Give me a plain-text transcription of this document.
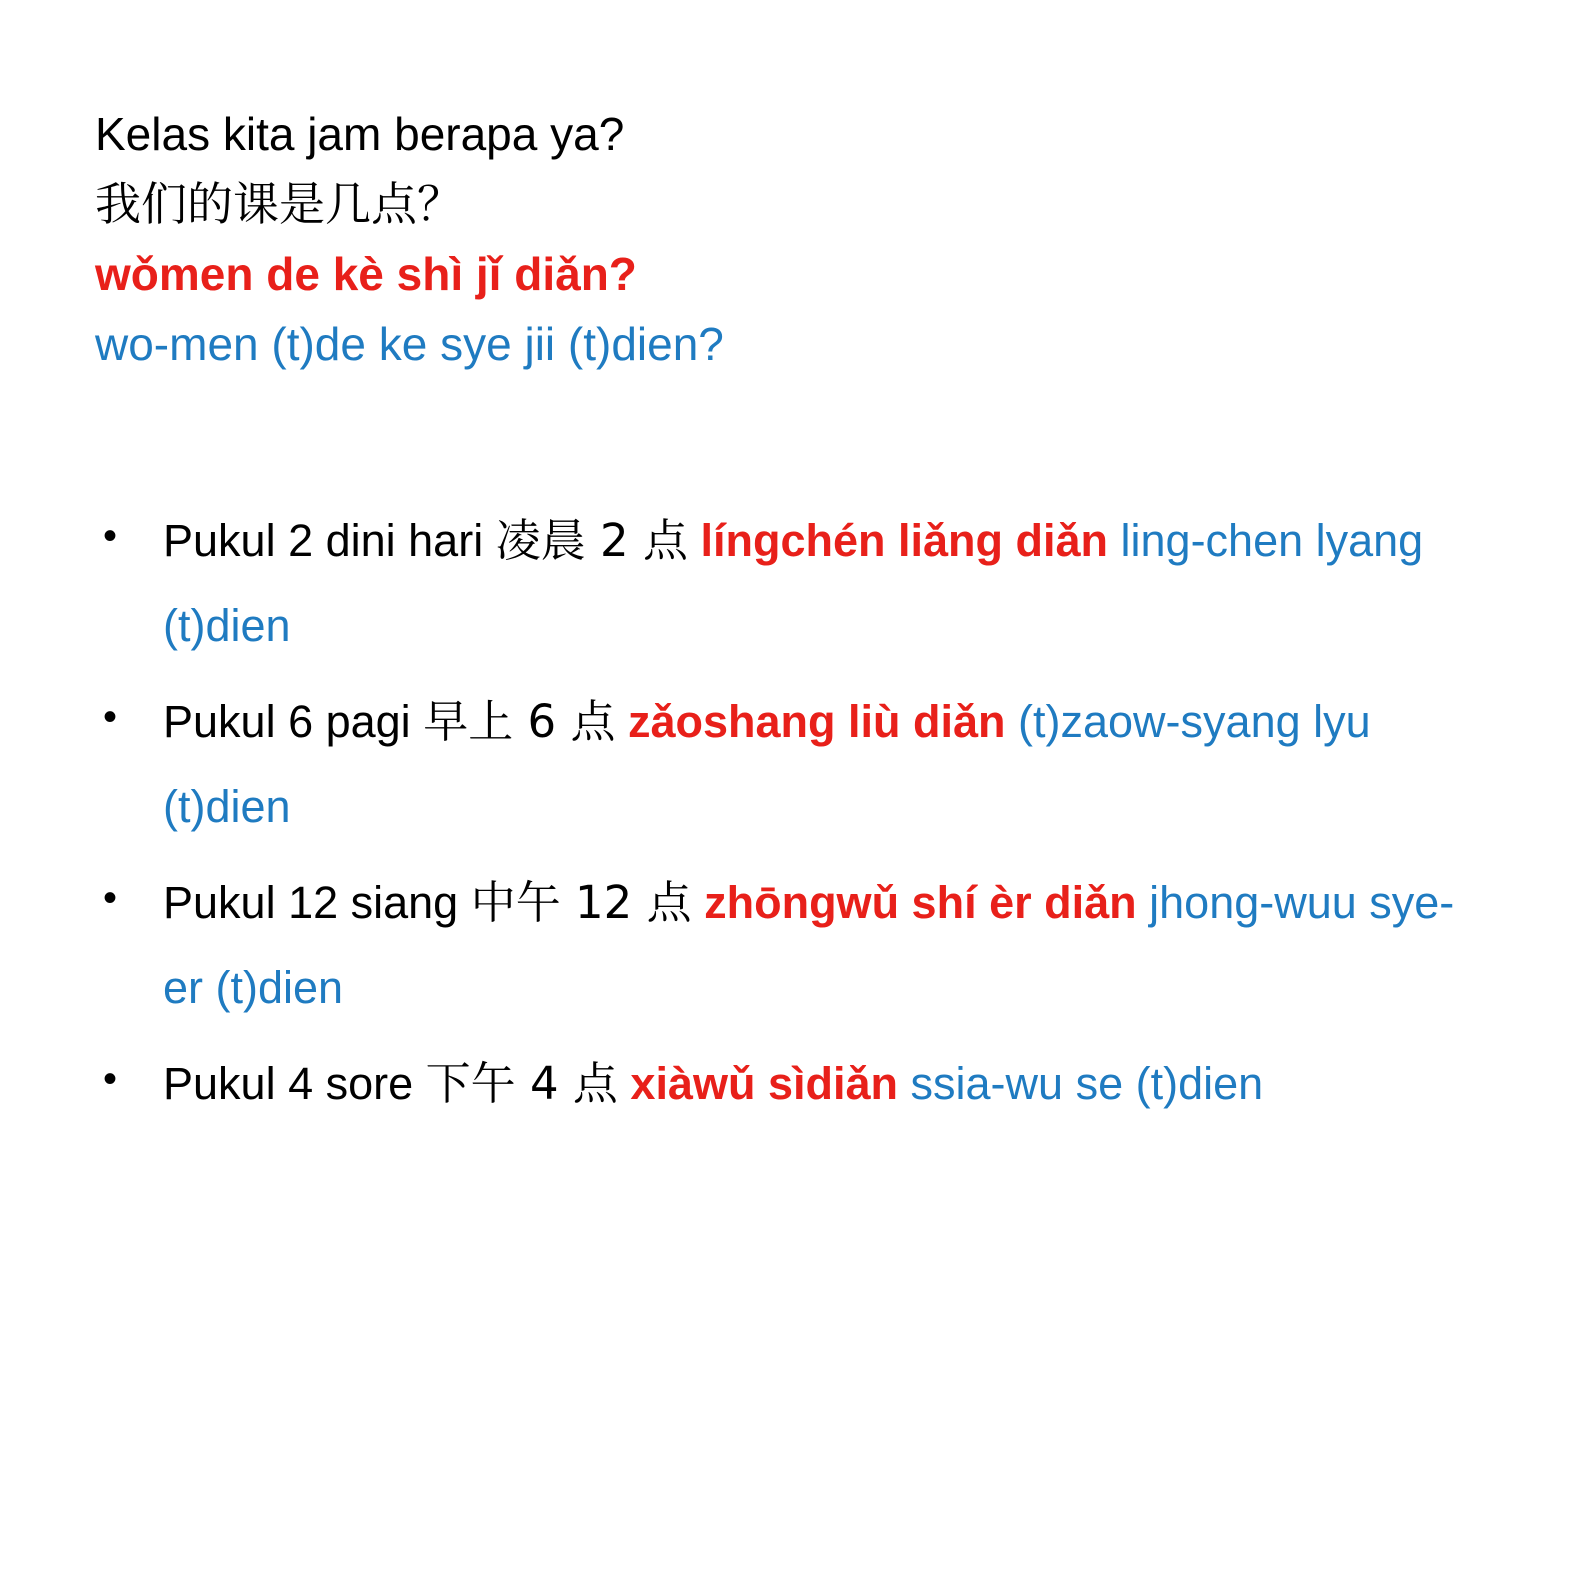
Kelas kita jam berapa ya?
我们的课是几点？
wǒmen de kè shì jǐ diǎn?
wo-men (t)de ke sye jii (t)dien?
• Pukul 2 dini hari 凌晨 2 点 língchén liǎng diǎn ling-chen lyang (t)dien
• Pukul 6 pagi 早上 6 点 zǎoshang liù diǎn (t)zaow-syang lyu (t)dien
• Pukul 12 siang 中午 12 点 zhōngwǔ shí èr diǎn jhong-wuu sye-er (t)dien
• Pukul 4 sore 下午 4 点 xiàwǔ sìdiǎn ssia-wu se (t)dien
